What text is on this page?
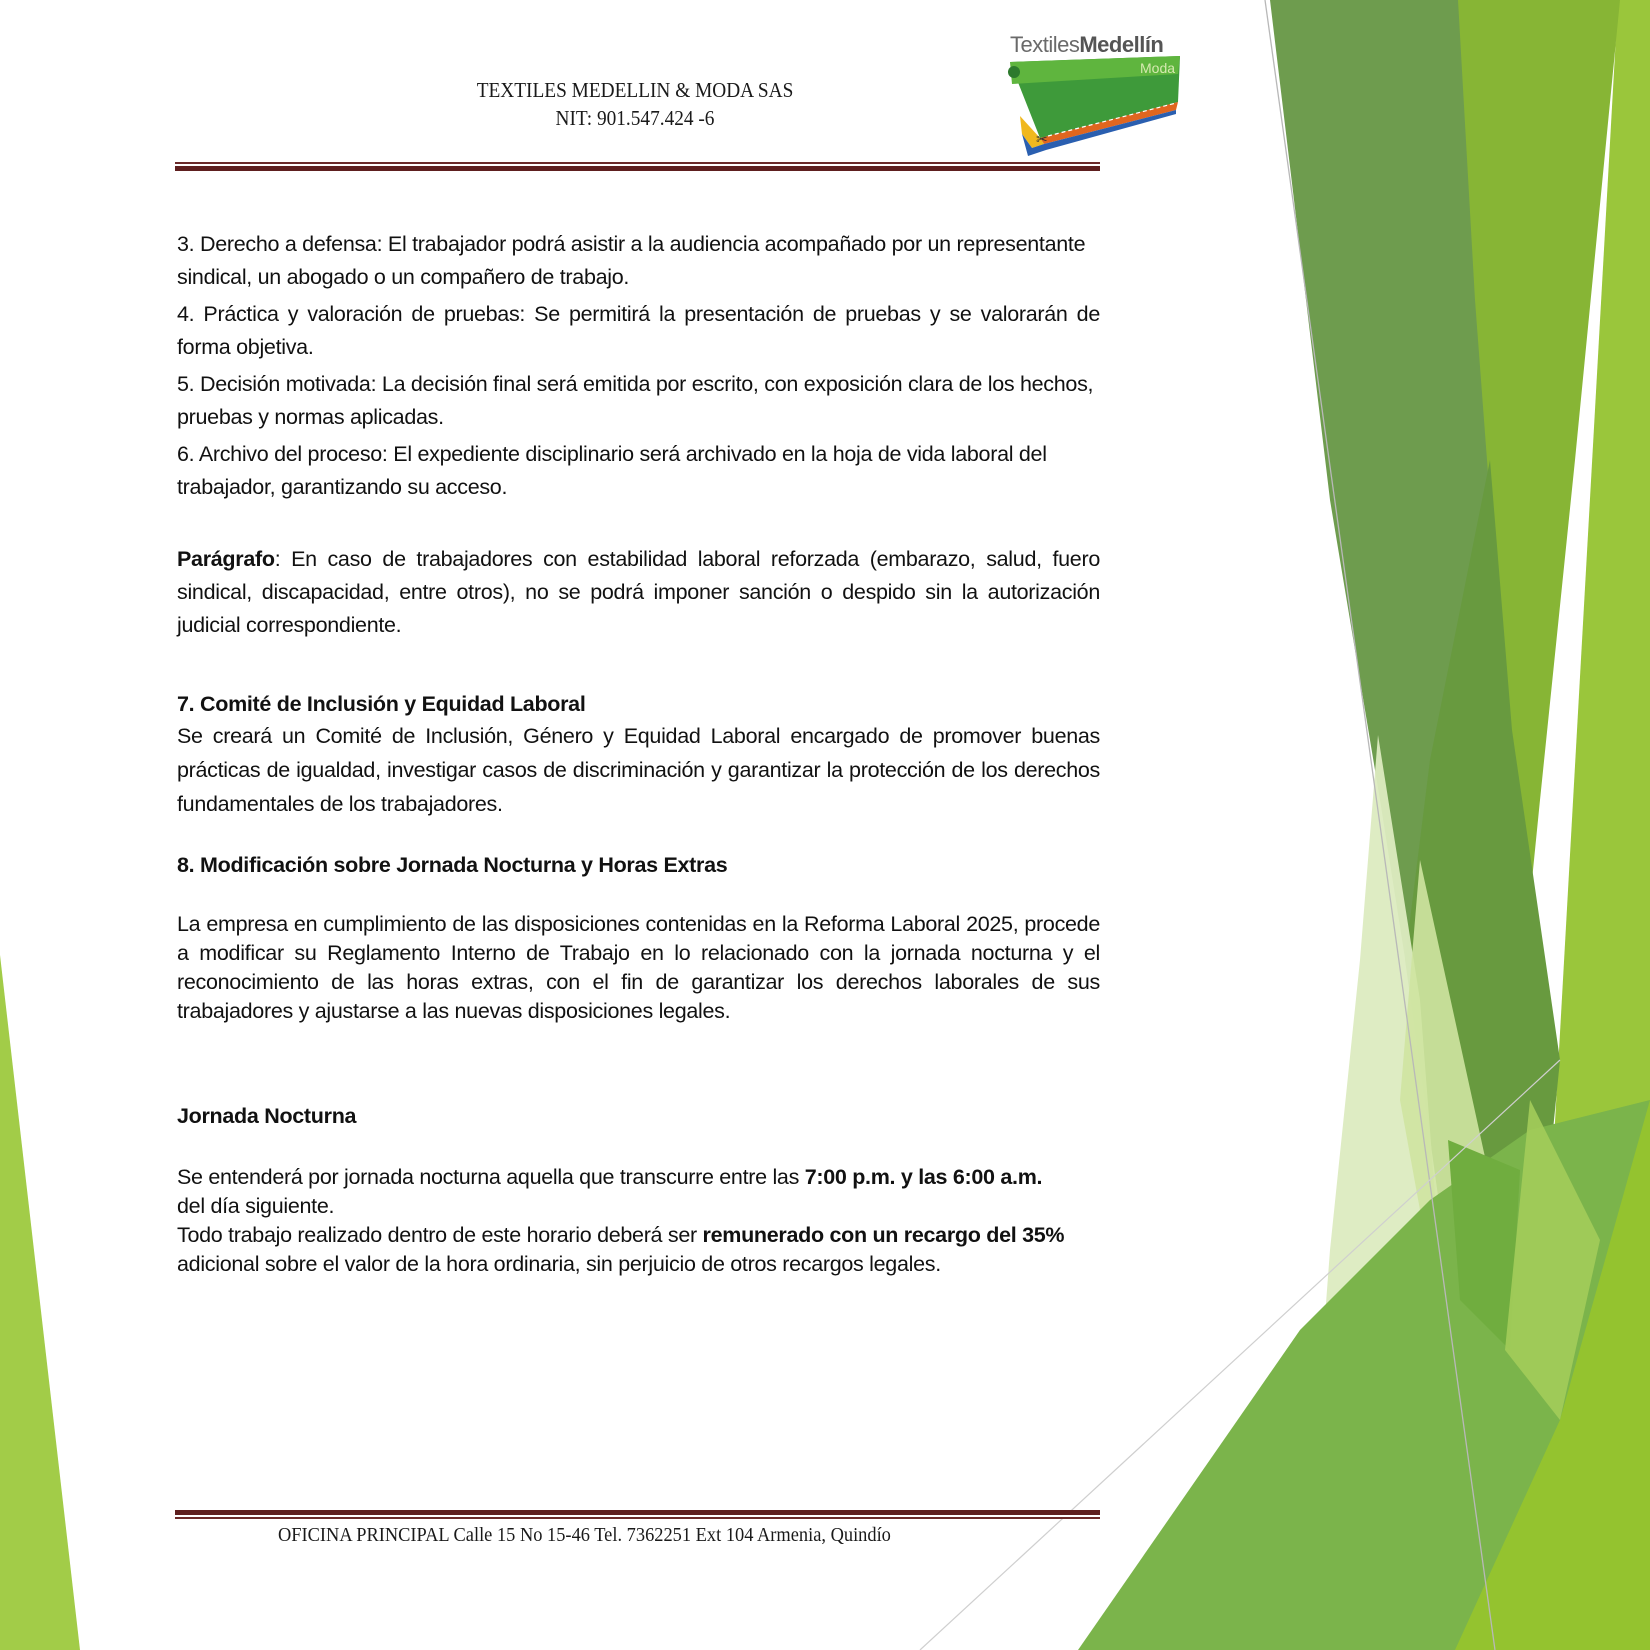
TEXTILES MEDELLIN & MODA SAS
NIT: 901.547.424 -6
✂
TextilesMedellín
Moda

3. Derecho a defensa: El trabajador podrá asistir a la audiencia acompañado por un representante sindical, un abogado o un compañero de trabajo.

4. Práctica y valoración de pruebas: Se permitirá la presentación de pruebas y se valorarán de forma objetiva.

5. Decisión motivada: La decisión final será emitida por escrito, con exposición clara de los hechos, pruebas y normas aplicadas.

6. Archivo del proceso: El expediente disciplinario será archivado en la hoja de vida laboral del trabajador, garantizando su acceso.

Parágrafo: En caso de trabajadores con estabilidad laboral reforzada (embarazo, salud, fuero sindical, discapacidad, entre otros), no se podrá imponer sanción o despido sin la autorización judicial correspondiente.

7. Comité de Inclusión y Equidad Laboral

Se creará un Comité de Inclusión, Género y Equidad Laboral encargado de promover buenas prácticas de igualdad, investigar casos de discriminación y garantizar la protección de los derechos fundamentales de los trabajadores.

8. Modificación sobre Jornada Nocturna y Horas Extras

La empresa en cumplimiento de las disposiciones contenidas en la Reforma Laboral 2025, procede a modificar su Reglamento Interno de Trabajo en lo relacionado con la jornada nocturna y el reconocimiento de las horas extras, con el fin de garantizar los derechos laborales de sus trabajadores y ajustarse a las nuevas disposiciones legales.

Jornada Nocturna

Se entenderá por jornada nocturna aquella que transcurre entre las 7:00 p.m. y las 6:00 a.m. del día siguiente.

Todo trabajo realizado dentro de este horario deberá ser remunerado con un recargo del 35% adicional sobre el valor de la hora ordinaria, sin perjuicio de otros recargos legales.

OFICINA PRINCIPAL Calle 15 No 15-46 Tel. 7362251 Ext 104 Armenia, Quindío
